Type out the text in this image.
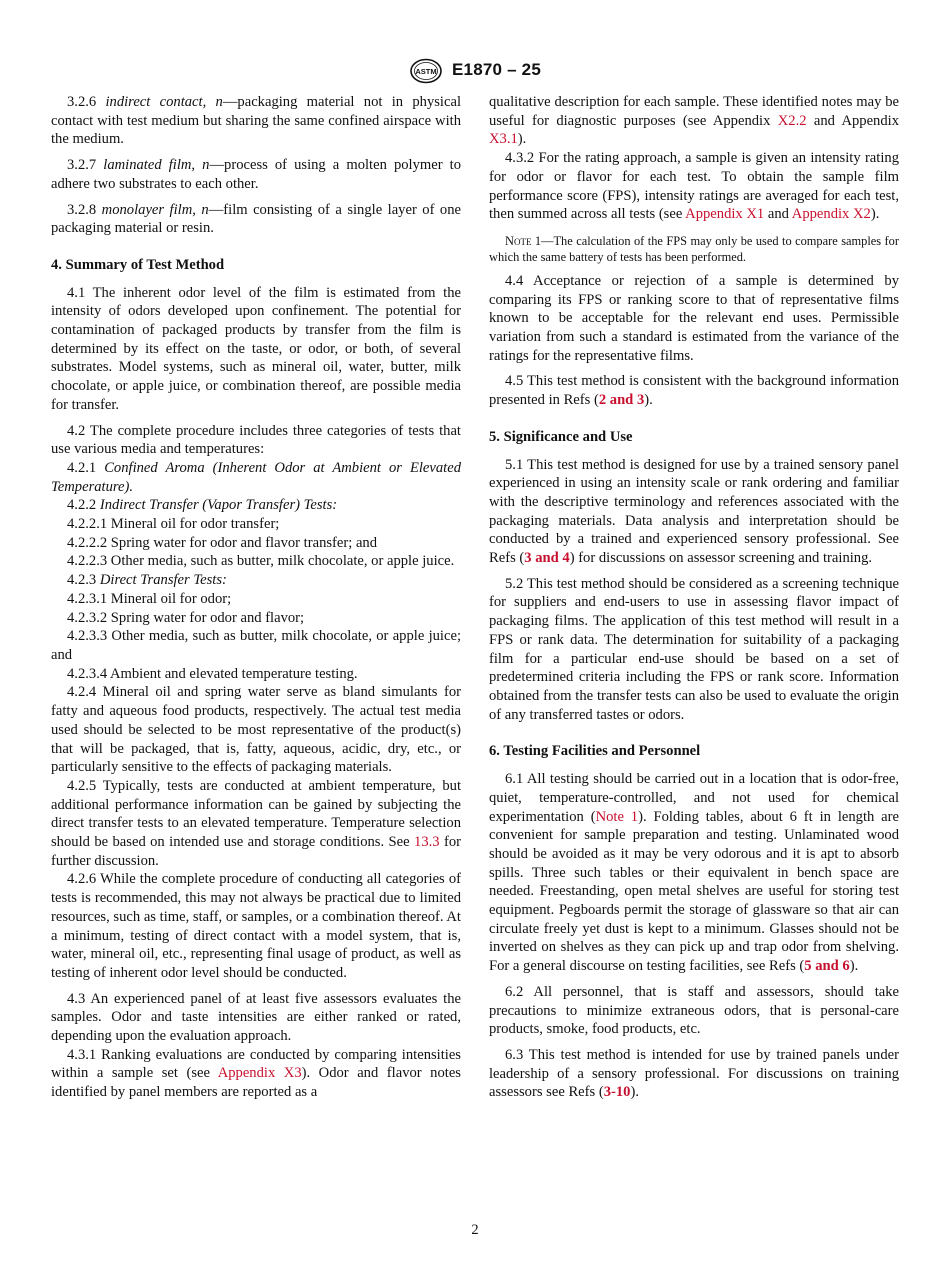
ASTM E1870 – 25

3.2.6 indirect contact, n—packaging material not in physical contact with test medium but sharing the same confined airspace with the medium.

3.2.7 laminated film, n—process of using a molten polymer to adhere two substrates to each other.

3.2.8 monolayer film, n—film consisting of a single layer of one packaging material or resin.

4. Summary of Test Method

4.1 The inherent odor level of the film is estimated from the intensity of odors developed upon confinement. The potential for contamination of packaged products by transfer from the film is determined by its effect on the taste, or odor, or both, of several substrates. Model systems, such as mineral oil, water, butter, milk chocolate, or apple juice, or combination thereof, are possible media for transfer.

4.2 The complete procedure includes three categories of tests that use various media and temperatures:

4.2.1 Confined Aroma (Inherent Odor at Ambient or Elevated Temperature).

4.2.2 Indirect Transfer (Vapor Transfer) Tests:

4.2.2.1 Mineral oil for odor transfer;

4.2.2.2 Spring water for odor and flavor transfer; and

4.2.2.3 Other media, such as butter, milk chocolate, or apple juice.

4.2.3 Direct Transfer Tests:

4.2.3.1 Mineral oil for odor;

4.2.3.2 Spring water for odor and flavor;

4.2.3.3 Other media, such as butter, milk chocolate, or apple juice; and

4.2.3.4 Ambient and elevated temperature testing.

4.2.4 Mineral oil and spring water serve as bland simulants for fatty and aqueous food products, respectively. The actual test media used should be selected to be most representative of the product(s) that will be packaged, that is, fatty, aqueous, acidic, dry, etc., or particularly sensitive to the effects of packaging materials.

4.2.5 Typically, tests are conducted at ambient temperature, but additional performance information can be gained by subjecting the direct transfer tests to an elevated temperature. Temperature selection should be based on intended use and storage conditions. See 13.3 for further discussion.

4.2.6 While the complete procedure of conducting all categories of tests is recommended, this may not always be practical due to limited resources, such as time, staff, or samples, or a combination thereof. At a minimum, testing of direct contact with a model system, that is, water, mineral oil, etc., representing final usage of product, as well as testing of inherent odor level should be conducted.

4.3 An experienced panel of at least five assessors evaluates the samples. Odor and taste intensities are either ranked or rated, depending upon the evaluation approach.

4.3.1 Ranking evaluations are conducted by comparing intensities within a sample set (see Appendix X3). Odor and flavor notes identified by panel members are reported as a

qualitative description for each sample. These identified notes may be useful for diagnostic purposes (see Appendix X2.2 and Appendix X3.1).

4.3.2 For the rating approach, a sample is given an intensity rating for odor or flavor for each test. To obtain the sample film performance score (FPS), intensity ratings are averaged for each test, then summed across all tests (see Appendix X1 and Appendix X2).

Note 1—The calculation of the FPS may only be used to compare samples for which the same battery of tests has been performed.

4.4 Acceptance or rejection of a sample is determined by comparing its FPS or ranking score to that of representative films known to be acceptable for the relevant end uses. Permissible variation from such a standard is estimated from the variance of the ratings for the representative films.

4.5 This test method is consistent with the background information presented in Refs (2 and 3).

5. Significance and Use

5.1 This test method is designed for use by a trained sensory panel experienced in using an intensity scale or rank ordering and familiar with the descriptive terminology and references associated with the packaging materials. Data analysis and interpretation should be conducted by a trained and experienced sensory professional. See Refs (3 and 4) for discussions on assessor screening and training.

5.2 This test method should be considered as a screening technique for suppliers and end-users to use in assessing flavor impact of packaging films. The application of this test method will result in a FPS or rank data. The determination for suitability of a packaging film for a particular end-use should be based on a set of predetermined criteria including the FPS or rank score. Information obtained from the transfer tests can also be used to evaluate the origin of any transferred tastes or odors.

6. Testing Facilities and Personnel

6.1 All testing should be carried out in a location that is odor-free, quiet, temperature-controlled, and not used for chemical experimentation (Note 1). Folding tables, about 6 ft in length are convenient for sample preparation and testing. Unlaminated wood should be avoided as it may be very odorous and it is apt to absorb spills. Three such tables or their equivalent in bench space are needed. Freestanding, open metal shelves are useful for storing test equipment. Pegboards permit the storage of glassware so that air can circulate freely yet dust is kept to a minimum. Glasses should not be inverted on shelves as they can pick up and trap odor from shelving. For a general discourse on testing facilities, see Refs (5 and 6).

6.2 All personnel, that is staff and assessors, should take precautions to minimize extraneous odors, that is personal-care products, smoke, food products, etc.

6.3 This test method is intended for use by trained panels under leadership of a sensory professional. For discussions on training assessors see Refs (3-10).

2
